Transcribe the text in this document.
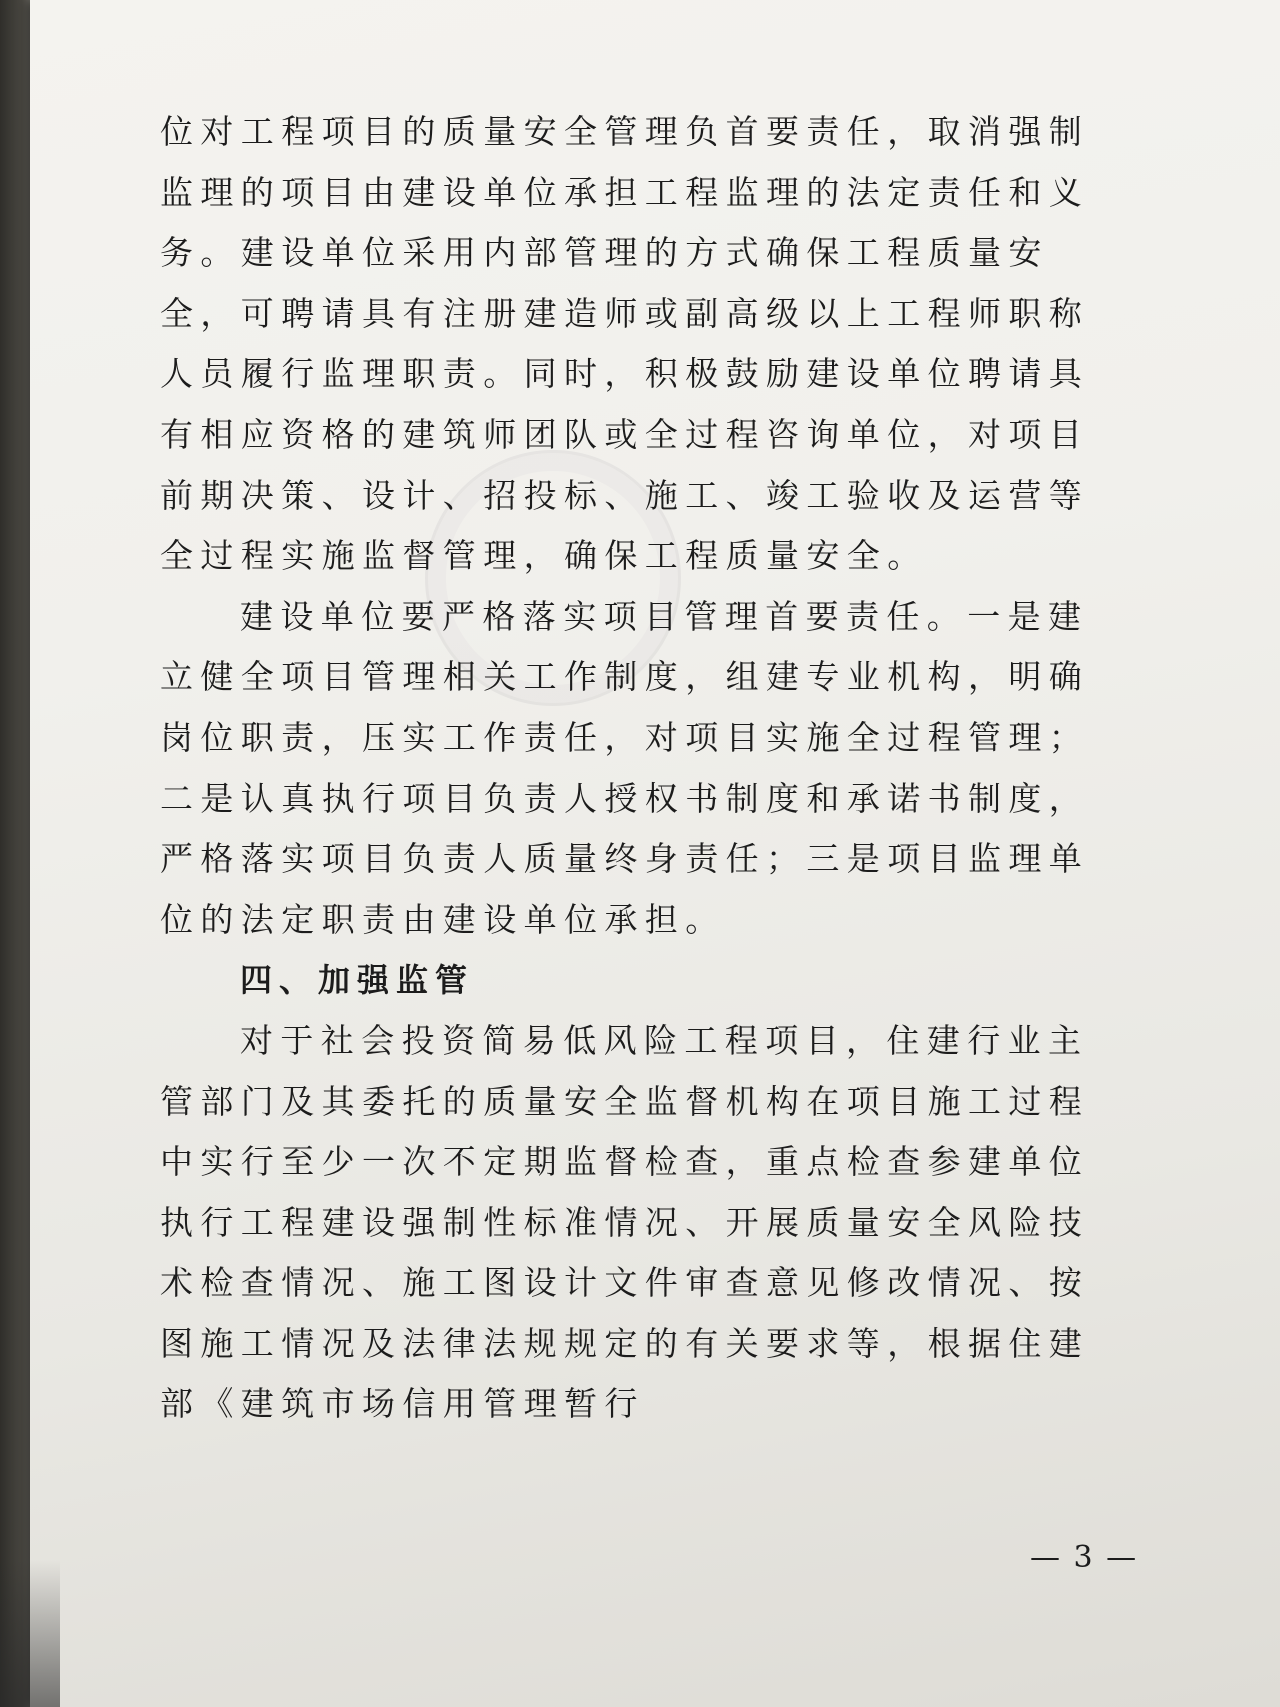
位对工程项目的质量安全管理负首要责任，取消强制监理的项目由建设单位承担工程监理的法定责任和义务。建设单位采用内部管理的方式确保工程质量安全，可聘请具有注册建造师或副高级以上工程师职称人员履行监理职责。同时，积极鼓励建设单位聘请具有相应资格的建筑师团队或全过程咨询单位，对项目前期决策、设计、招投标、施工、竣工验收及运营等全过程实施监督管理，确保工程质量安全。

建设单位要严格落实项目管理首要责任。一是建立健全项目管理相关工作制度，组建专业机构，明确岗位职责，压实工作责任，对项目实施全过程管理；二是认真执行项目负责人授权书制度和承诺书制度，严格落实项目负责人质量终身责任；三是项目监理单位的法定职责由建设单位承担。

四、加强监管

对于社会投资简易低风险工程项目，住建行业主管部门及其委托的质量安全监督机构在项目施工过程中实行至少一次不定期监督检查，重点检查参建单位执行工程建设强制性标准情况、开展质量安全风险技术检查情况、施工图设计文件审查意见修改情况、按图施工情况及法律法规规定的有关要求等，根据住建部《建筑市场信用管理暂行

— 3 —
